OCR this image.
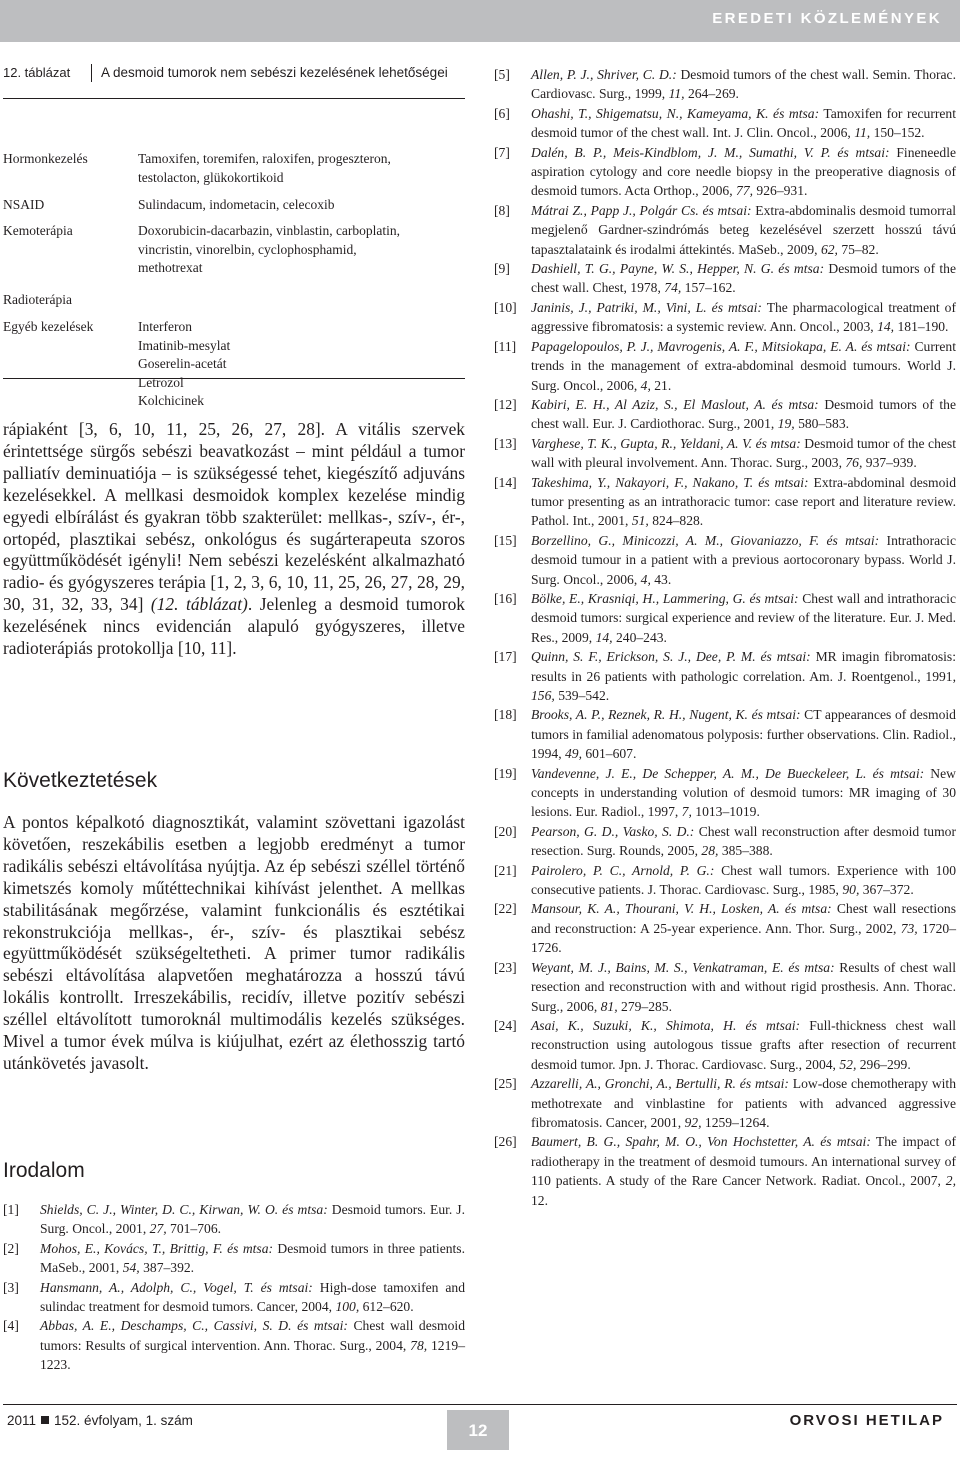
EREDETI KÖZLEMÉNYEK
12. táblázat	A desmoid tumorok nem sebészi kezelésének lehetőségei
Hormonkezelés	Tamoxifen, toremifen, raloxifen, progeszteron,
testolacton, glükokortikoid
NSAID	Sulindacum, indometacin, celecoxib
Kemoterápia	Doxorubicin-dacarbazin, vinblastin, carboplatin,
vincristin, vinorelbin, cyclophosphamid,
methotrexat
Radioterápia
Egyéb kezelések	Interferon
Imatinib-mesylat
Goserelin-acetát
Letrozol
Kolchicinek

rápiaként [3, 6, 10, 11, 25, 26, 27, 28]. A vitális szervek érintettsége sürgős sebészi beavatkozást – mint például a tumor palliatív deminuatiója – is szükségessé tehet, kiegészítő adjuváns kezelésekkel. A mellkasi desmoidok komplex kezelése mindig egyedi elbírálást és gyakran több szakterület: mellkas-, szív-, ér-, ortopéd, plasztikai sebész, onkológus és sugárterapeuta szoros együttműködését igényli! Nem sebészi kezelésként alkalmazható radio- és gyógyszeres terápia [1, 2, 3, 6, 10, 11, 25, 26, 27, 28, 29, 30, 31, 32, 33, 34] (12. táblázat). Jelenleg a desmoid tumorok kezelésének nincs evidencián alapuló gyógyszeres, illetve radioterápiás protokollja [10, 11].

Következtetések

A pontos képalkotó diagnosztikát, valamint szövettani igazolást követően, reszekábilis esetben a legjobb eredményt a tumor radikális sebészi eltávolítása nyújtja. Az ép sebészi széllel történő kimetszés komoly műtéttechnikai kihívást jelenthet. A mellkas stabilitásának megőrzése, valamint funkcionális és esztétikai rekonstrukciója mellkas-, ér-, szív- és plasztikai sebész együttműködését szükségeltetheti. A primer tumor radikális sebészi eltávolítása alapvetően meghatározza a hosszú távú lokális kontrollt. Irreszekábilis, recidív, illetve pozitív sebészi széllel eltávolított tumoroknál multimodális kezelés szükséges. Mivel a tumor évek múlva is kiújulhat, ezért az élethosszig tartó utánkövetés javasolt.

Irodalom
[1]	Shields, C. J., Winter, D. C., Kirwan, W. O. és mtsa: Desmoid tumors. Eur. J. Surg. Oncol., 2001, 27, 701–706.
[2]	Mohos, E., Kovács, T., Brittig, F. és mtsa: Desmoid tumors in three patients. MaSeb., 2001, 54, 387–392.
[3]	Hansmann, A., Adolph, C., Vogel, T. és mtsai: High-dose tamoxifen and sulindac treatment for desmoid tumors. Cancer, 2004, 100, 612–620.
[4]	Abbas, A. E., Deschamps, C., Cassivi, S. D. és mtsai: Chest wall desmoid tumors: Results of surgical intervention. Ann. Thorac. Surg., 2004, 78, 1219–1223.
[5]	Allen, P. J., Shriver, C. D.: Desmoid tumors of the chest wall. Semin. Thorac. Cardiovasc. Surg., 1999, 11, 264–269.
[6]	Ohashi, T., Shigematsu, N., Kameyama, K. és mtsa: Tamoxifen for recurrent desmoid tumor of the chest wall. Int. J. Clin. Oncol., 2006, 11, 150–152.
[7]	Dalén, B. P., Meis-Kindblom, J. M., Sumathi, V. P. és mtsai: Fineneedle aspiration cytology and core needle biopsy in the preoperative diagnosis of desmoid tumors. Acta Orthop., 2006, 77, 926–931.
[8]	Mátrai Z., Papp J., Polgár Cs. és mtsai: Extra-abdominalis desmoid tumorral megjelenő Gardner-szindrómás beteg kezelésével szerzett hosszú távú tapasztalataink és irodalmi áttekintés. MaSeb., 2009, 62, 75–82.
[9]	Dashiell, T. G., Payne, W. S., Hepper, N. G. és mtsa: Desmoid tumors of the chest wall. Chest, 1978, 74, 157–162.
[10]	Janinis, J., Patriki, M., Vini, L. és mtsai: The pharmacological treatment of aggressive fibromatosis: a systemic review. Ann. Oncol., 2003, 14, 181–190.
[11]	Papagelopoulos, P. J., Mavrogenis, A. F., Mitsiokapa, E. A. és mtsai: Current trends in the management of extra-abdominal desmoid tumours. World J. Surg. Oncol., 2006, 4, 21.
[12]	Kabiri, E. H., Al Aziz, S., El Maslout, A. és mtsa: Desmoid tumors of the chest wall. Eur. J. Cardiothorac. Surg., 2001, 19, 580–583.
[13]	Varghese, T. K., Gupta, R., Yeldani, A. V. és mtsa: Desmoid tumor of the chest wall with pleural involvement. Ann. Thorac. Surg., 2003, 76, 937–939.
[14]	Takeshima, Y., Nakayori, F., Nakano, T. és mtsai: Extra-abdominal desmoid tumor presenting as an intrathoracic tumor: case report and literature review. Pathol. Int., 2001, 51, 824–828.
[15]	Borzellino, G., Minicozzi, A. M., Giovaniazzo, F. és mtsai: Intrathoracic desmoid tumour in a patient with a previous aortocoronary bypass. World J. Surg. Oncol., 2006, 4, 43.
[16]	Bölke, E., Krasniqi, H., Lammering, G. és mtsai: Chest wall and intrathoracic desmoid tumors: surgical experience and review of the literature. Eur. J. Med. Res., 2009, 14, 240–243.
[17]	Quinn, S. F., Erickson, S. J., Dee, P. M. és mtsai: MR imagin fibromatosis: results in 26 patients with pathologic correlation. Am. J. Roentgenol., 1991, 156, 539–542.
[18]	Brooks, A. P., Reznek, R. H., Nugent, K. és mtsai: CT appearances of desmoid tumors in familial adenomatous polyposis: further observations. Clin. Radiol., 1994, 49, 601–607.
[19]	Vandevenne, J. E., De Schepper, A. M., De Bueckeleer, L. és mtsai: New concepts in understanding volution of desmoid tumors: MR imaging of 30 lesions. Eur. Radiol., 1997, 7, 1013–1019.
[20]	Pearson, G. D., Vasko, S. D.: Chest wall reconstruction after desmoid tumor resection. Surg. Rounds, 2005, 28, 385–388.
[21]	Pairolero, P. C., Arnold, P. G.: Chest wall tumors. Experience with 100 consecutive patients. J. Thorac. Cardiovasc. Surg., 1985, 90, 367–372.
[22]	Mansour, K. A., Thourani, V. H., Losken, A. és mtsa: Chest wall resections and reconstruction: A 25-year experience. Ann. Thor. Surg., 2002, 73, 1720–1726.
[23]	Weyant, M. J., Bains, M. S., Venkatraman, E. és mtsa: Results of chest wall resection and reconstruction with and without rigid prosthesis. Ann. Thorac. Surg., 2006, 81, 279–285.
[24]	Asai, K., Suzuki, K., Shimota, H. és mtsai: Full-thickness chest wall reconstruction using autologous tissue grafts after resection of recurrent desmoid tumor. Jpn. J. Thorac. Cardiovasc. Surg., 2004, 52, 296–299.
[25]	Azzarelli, A., Gronchi, A., Bertulli, R. és mtsai: Low-dose chemotherapy with methotrexate and vinblastine for patients with advanced aggressive fibromatosis. Cancer, 2001, 92, 1259–1264.
[26]	Baumert, B. G., Spahr, M. O., Von Hochstetter, A. és mtsai: The impact of radiotherapy in the treatment of desmoid tumours. An international survey of 110 patients. A study of the Rare Cancer Network. Radiat. Oncol., 2007, 2, 12.
2011 152. évfolyam, 1. szám
12
ORVOSI HETILAP
